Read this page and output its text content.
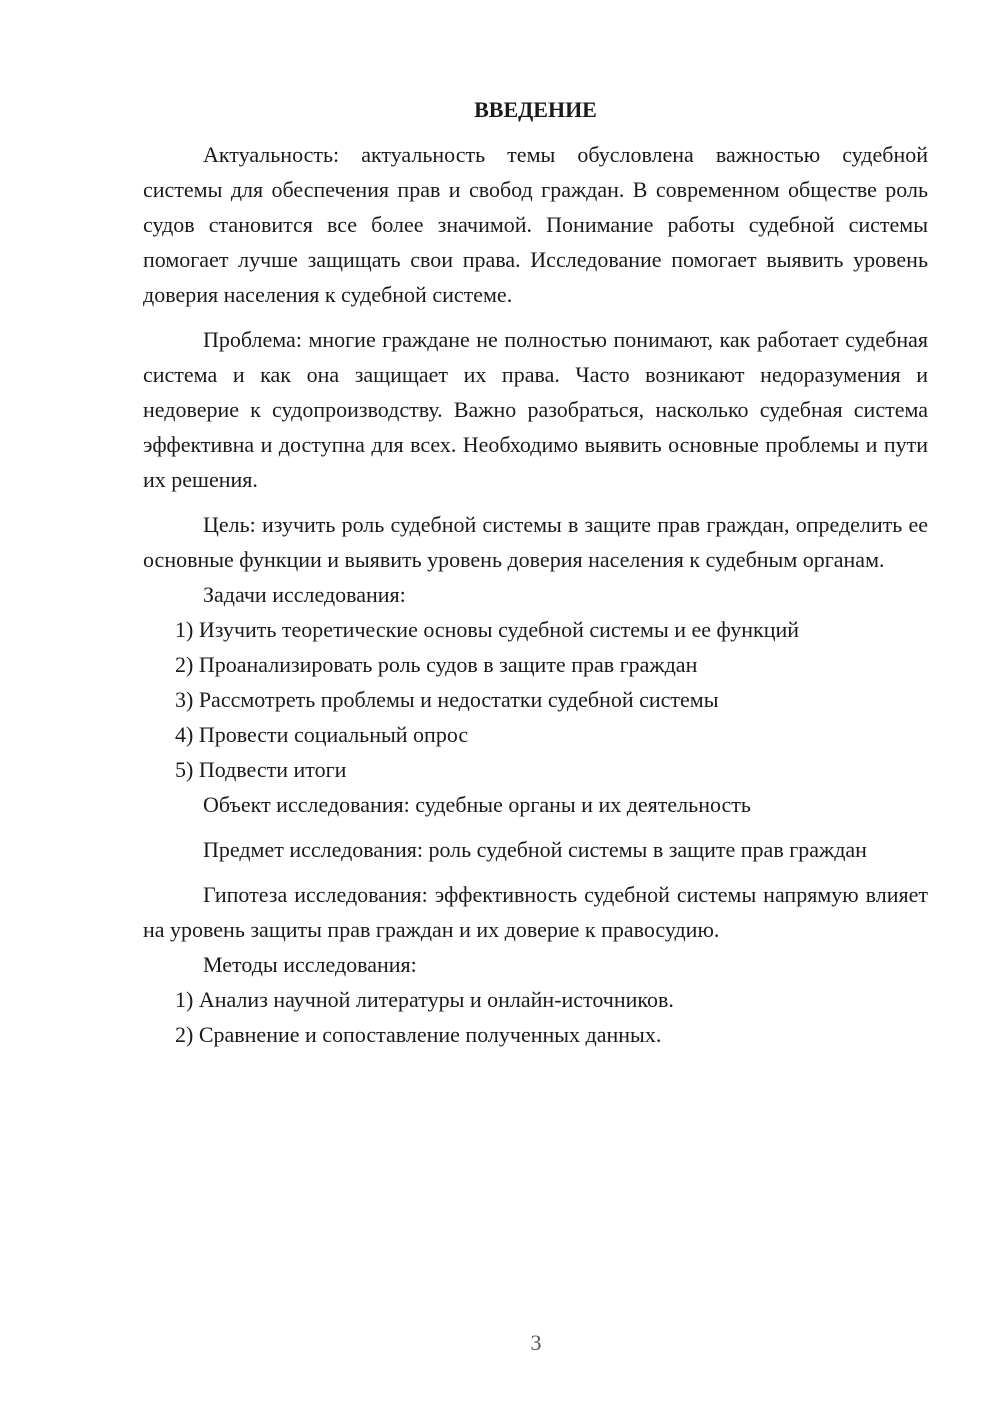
ВВЕДЕНИЕ

Актуальность: актуальность темы обусловлена важностью судебной системы для обеспечения прав и свобод граждан. В современном обществе роль судов становится все более значимой. Понимание работы судебной системы помогает лучше защищать свои права. Исследование помогает выявить уровень доверия населения к судебной системе.

Проблема: многие граждане не полностью понимают, как работает судебная система и как она защищает их права. Часто возникают недоразумения и недоверие к судопроизводству. Важно разобраться, насколько судебная система эффективна и доступна для всех. Необходимо выявить основные проблемы и пути их решения.

Цель: изучить роль судебной системы в защите прав граждан, определить ее основные функции и выявить уровень доверия населения к судебным органам.

Задачи исследования:

1) Изучить теоретические основы судебной системы и ее функций

2) Проанализировать роль судов в защите прав граждан

3) Рассмотреть проблемы и недостатки судебной системы

4) Провести социальный опрос

5) Подвести итоги

Объект исследования: судебные органы и их деятельность

Предмет исследования: роль судебной системы в защите прав граждан

Гипотеза исследования: эффективность судебной системы напрямую влияет на уровень защиты прав граждан и их доверие к правосудию.

Методы исследования:

1) Анализ научной литературы и онлайн-источников.

2) Сравнение и сопоставление полученных данных.

3
